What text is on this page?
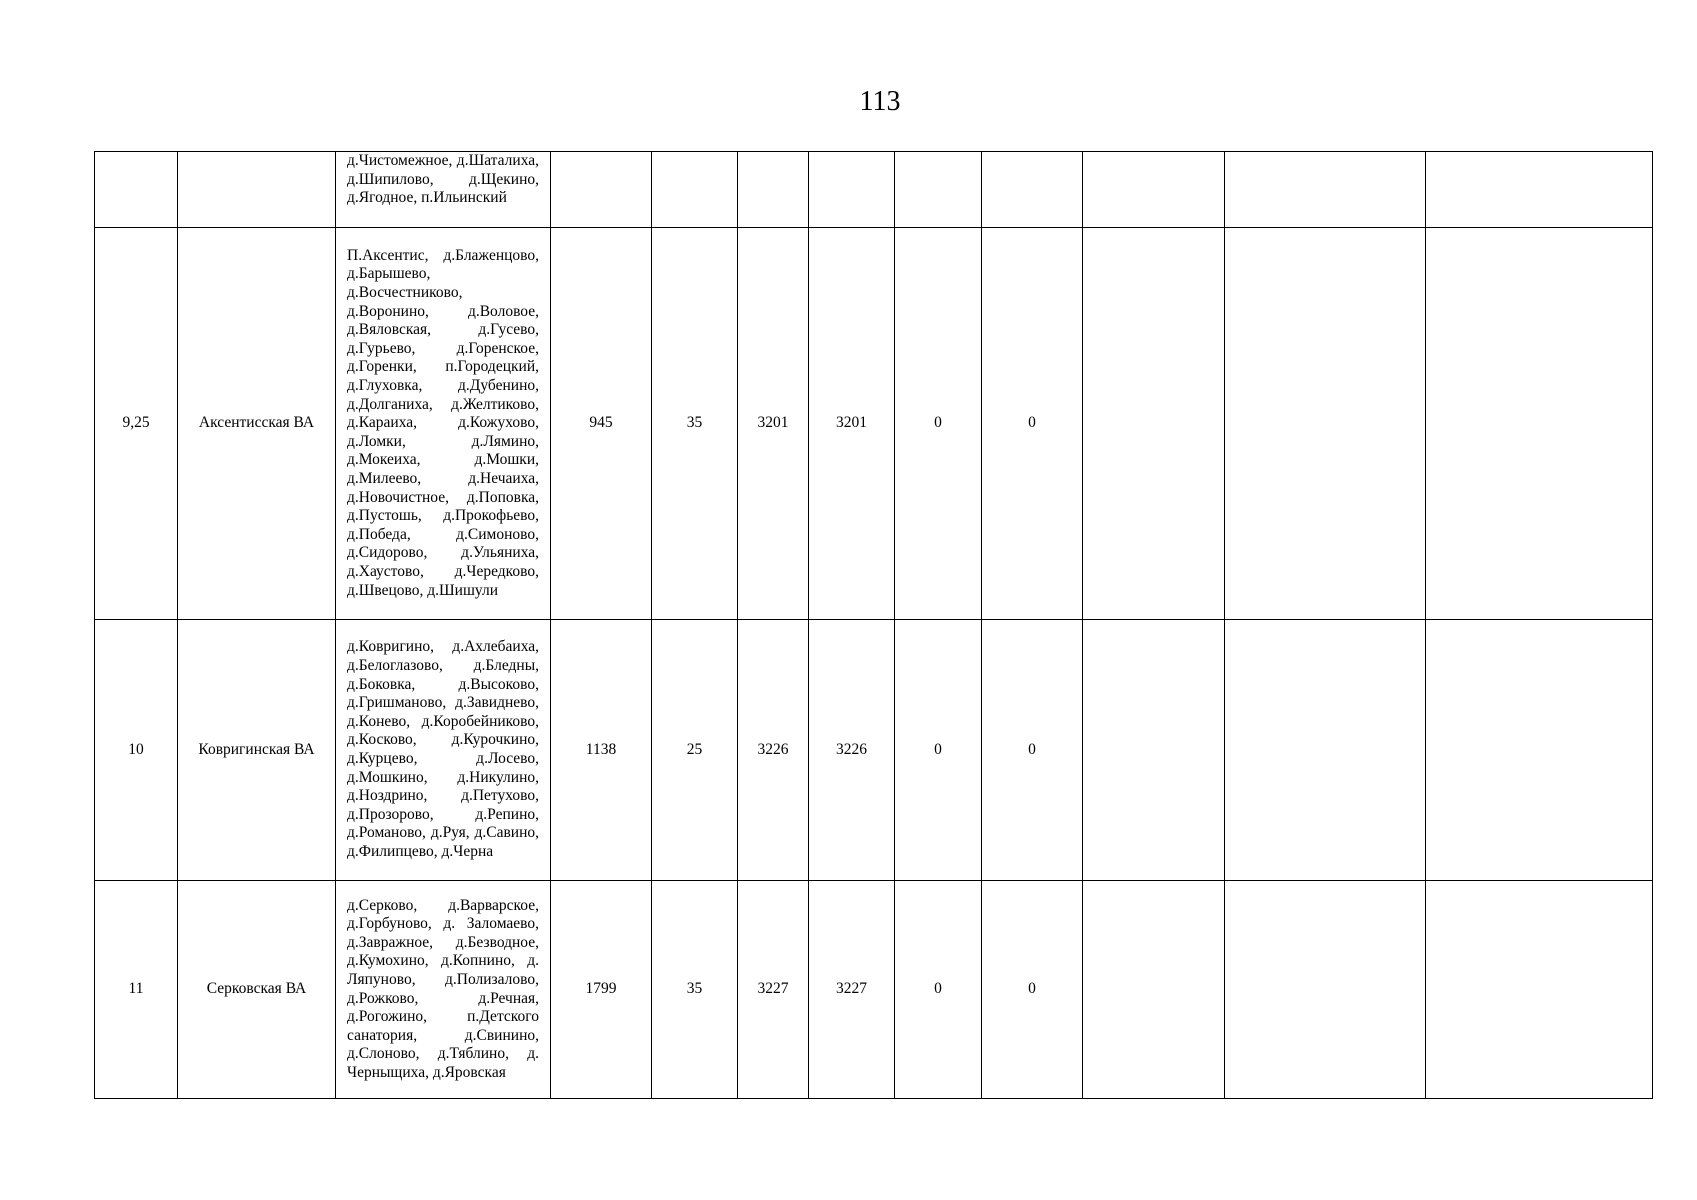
113
		д.Чистомежное, д.Шаталиха, д.Шипилово, д.Щекино, д.Ягодное, п.Ильинский									
9,25	Аксентисская ВА	П.Аксентис, д.Блаженцово, д.Барышево, д.Восчестниково, д.Воронино, д.Воловое, д.Вяловская, д.Гусево, д.Гурьево, д.Горенское, д.Горенки, п.Городецкий, д.Глуховка, д.Дубенино, д.Долганиха, д.Желтиково, д.Караиха, д.Кожухово, д.Ломки, д.Лямино, д.Мокеиха, д.Мошки, д.Милеево, д.Нечаиха, д.Новочистное, д.Поповка, д.Пустошь, д.Прокофьево, д.Победа, д.Симоново, д.Сидорово, д.Ульяниха, д.Хаустово, д.Чередково, д.Швецово, д.Шишули	945	35	3201	3201	0	0			
10	Ковригинская ВА	д.Ковригино, д.Ахлебаиха, д.Белоглазово, д.Бледны, д.Боковка, д.Высоково, д.Гришманово, д.Завиднево, д.Конево, д.Коробейниково, д.Косково, д.Курочкино, д.Курцево, д.Лосево, д.Мошкино, д.Никулино, д.Ноздрино, д.Петухово, д.Прозорово, д.Репино, д.Романово, д.Руя, д.Савино, д.Филипцево, д.Черна	1138	25	3226	3226	0	0			
11	Серковская ВА	д.Серково, д.Варварское, д.Горбуново, д. Заломаево, д.Завражное, д.Безводное, д.Кумохино, д.Копнино, д. Ляпуново, д.Полизалово, д.Рожково, д.Речная, д.Рогожино, п.Детского санатория, д.Свинино, д.Слоново, д.Тяблино, д. Черныщиха, д.Яровская	1799	35	3227	3227	0	0			
